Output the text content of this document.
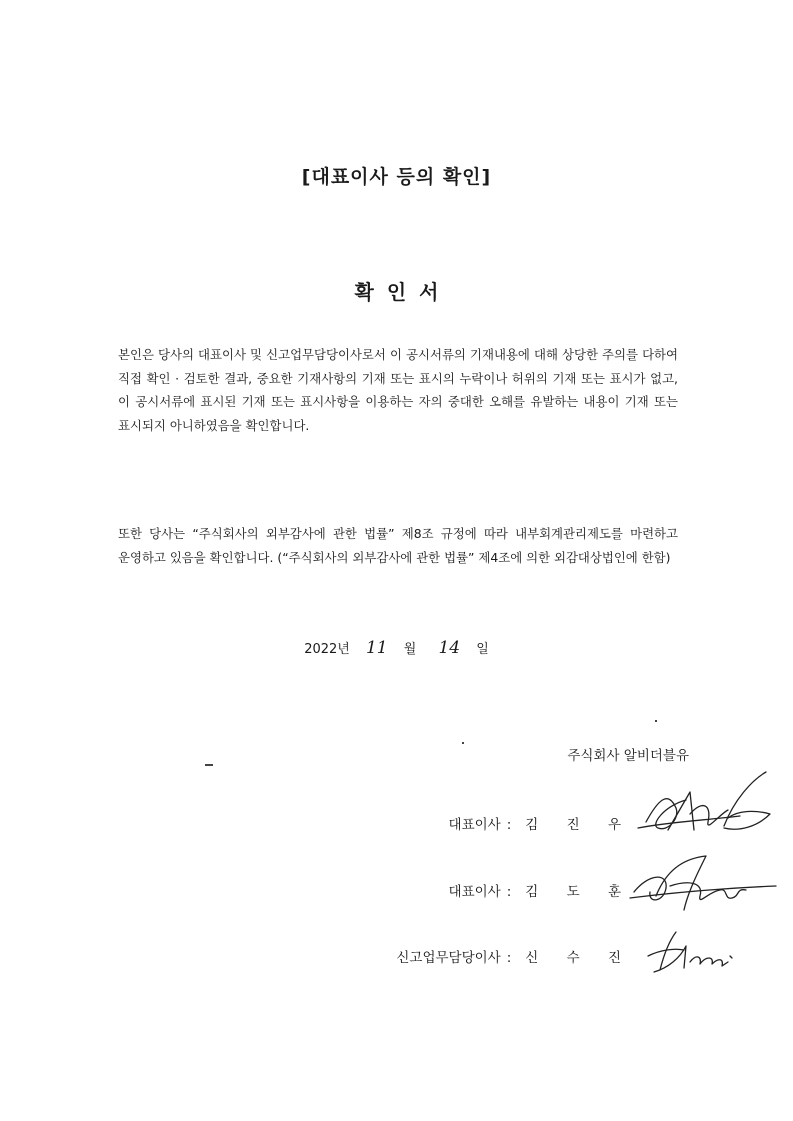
[대표이사 등의 확인]
확 인 서
본인은 당사의 대표이사 및 신고업무담당이사로서 이 공시서류의 기재내용에 대해 상당한 주의를 다하여 직접 확인 · 검토한 결과, 중요한 기재사항의 기재 또는 표시의 누락이나 허위의 기재 또는 표시가 없고, 이 공시서류에 표시된 기재 또는 표시사항을 이용하는 자의 중대한 오해를 유발하는 내용이 기재 또는 표시되지 아니하였음을 확인합니다.
또한 당사는 “주식회사의 외부감사에 관한 법률” 제8조 규정에 따라 내부회계관리제도를 마련하고 운영하고 있음을 확인합니다. (“주식회사의 외부감사에 관한 법률” 제4조에 의한 외감대상법인에 한함)
2022년 11 월 14 일
주식회사 알비더블유
대표이사 : 김 진 우
대표이사 : 김 도 훈
신고업무담당이사 : 신 수 진
